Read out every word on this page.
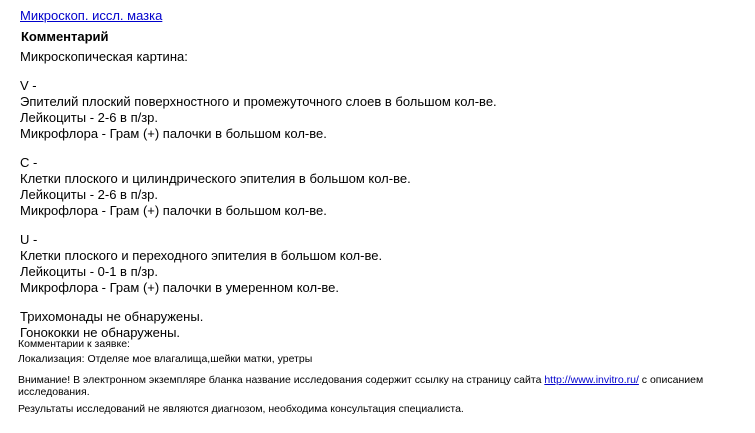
Микроскоп. иссл. мазка
Комментарий
Микроскопическая картина:
V -
Эпителий плоский поверхностного и промежуточного слоев в большом кол-ве.
Лейкоциты - 2-6 в п/зр.
Микрофлора - Грам (+) палочки в большом кол-ве.
C -
Клетки плоского и цилиндрического эпителия в большом кол-ве.
Лейкоциты - 2-6 в п/зр.
Микрофлора - Грам (+) палочки в большом кол-ве.
U -
Клетки плоского и переходного эпителия в большом кол-ве.
Лейкоциты - 0-1 в п/зр.
Микрофлора - Грам (+) палочки в умеренном кол-ве.
Трихомонады не обнаружены.
Гонококки не обнаружены.
Комментарии к заявке:
Локализация: Отделяе мое влагалища,шейки матки, уретры
Внимание! В электронном экземпляре бланка название исследования содержит ссылку на страницу сайта http://www.invitro.ru/ с описанием исследования.
Результаты исследований не являются диагнозом, необходима консультация специалиста.
